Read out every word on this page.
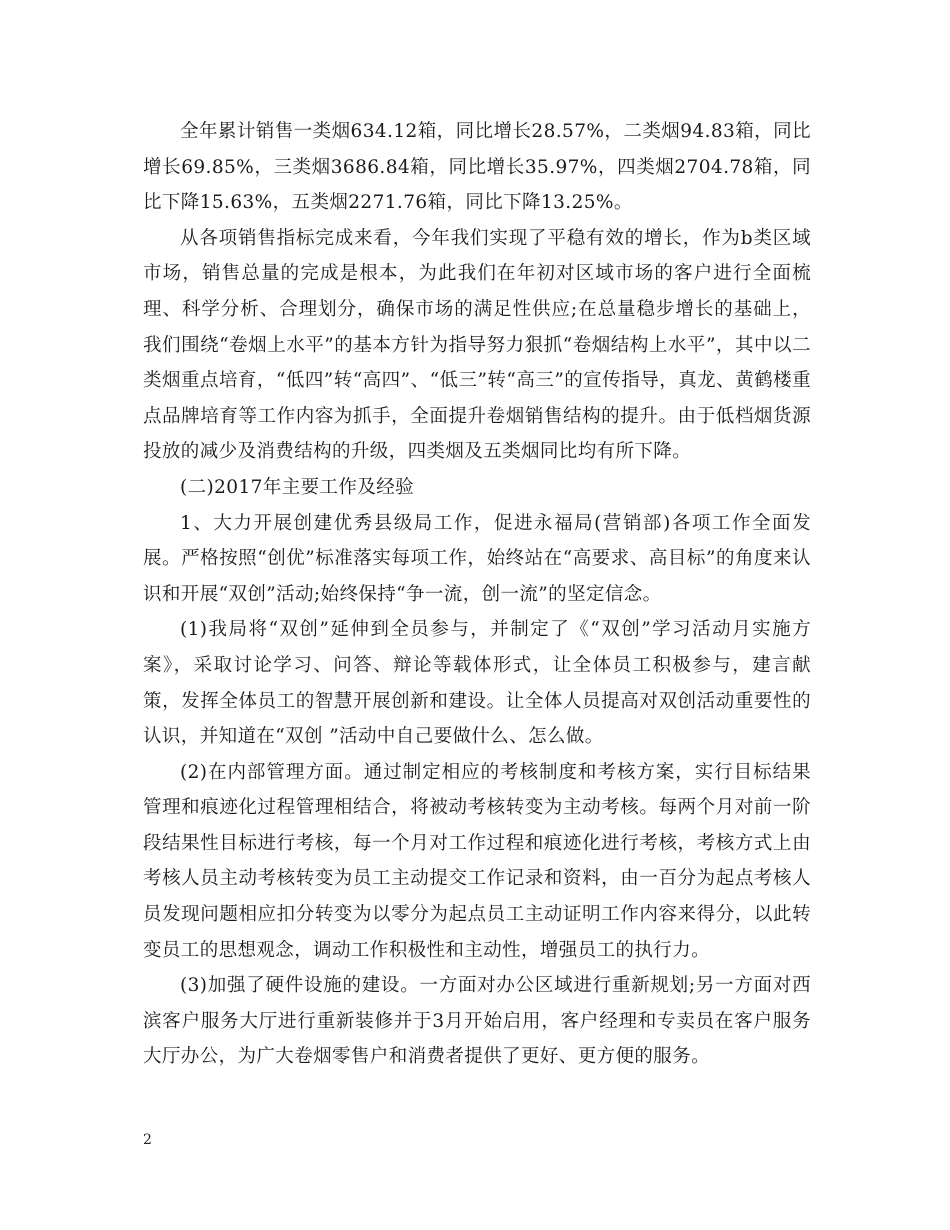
全年累计销售一类烟634.12箱，同比增长28.57%，二类烟94.83箱，同比增长69.85%，三类烟3686.84箱，同比增长35.97%，四类烟2704.78箱，同比下降15.63%，五类烟2271.76箱，同比下降13.25%。

从各项销售指标完成来看，今年我们实现了平稳有效的增长，作为b类区域市场，销售总量的完成是根本，为此我们在年初对区域市场的客户进行全面梳理、科学分析、合理划分，确保市场的满足性供应;在总量稳步增长的基础上，我们围绕“卷烟上水平”的基本方针为指导努力狠抓“卷烟结构上水平”，其中以二类烟重点培育，“低四”转“高四”、“低三”转“高三”的宣传指导，真龙、黄鹤楼重点品牌培育等工作内容为抓手，全面提升卷烟销售结构的提升。由于低档烟货源投放的减少及消费结构的升级，四类烟及五类烟同比均有所下降。

(二)2017年主要工作及经验

1、大力开展创建优秀县级局工作，促进永福局(营销部)各项工作全面发展。严格按照“创优”标准落实每项工作，始终站在“高要求、高目标”的角度来认识和开展“双创”活动;始终保持“争一流，创一流”的坚定信念。

(1)我局将“双创”延伸到全员参与，并制定了《“双创”学习活动月实施方案》，采取讨论学习、问答、辩论等载体形式，让全体员工积极参与，建言献策，发挥全体员工的智慧开展创新和建设。让全体人员提高对双创活动重要性的认识，并知道在“双创 ”活动中自己要做什么、怎么做。

(2)在内部管理方面。通过制定相应的考核制度和考核方案，实行目标结果管理和痕迹化过程管理相结合，将被动考核转变为主动考核。每两个月对前一阶段结果性目标进行考核，每一个月对工作过程和痕迹化进行考核，考核方式上由考核人员主动考核转变为员工主动提交工作记录和资料，由一百分为起点考核人员发现问题相应扣分转变为以零分为起点员工主动证明工作内容来得分，以此转变员工的思想观念，调动工作积极性和主动性，增强员工的执行力。

(3)加强了硬件设施的建设。一方面对办公区域进行重新规划;另一方面对西滨客户服务大厅进行重新装修并于3月开始启用，客户经理和专卖员在客户服务大厅办公，为广大卷烟零售户和消费者提供了更好、更方便的服务。

2
